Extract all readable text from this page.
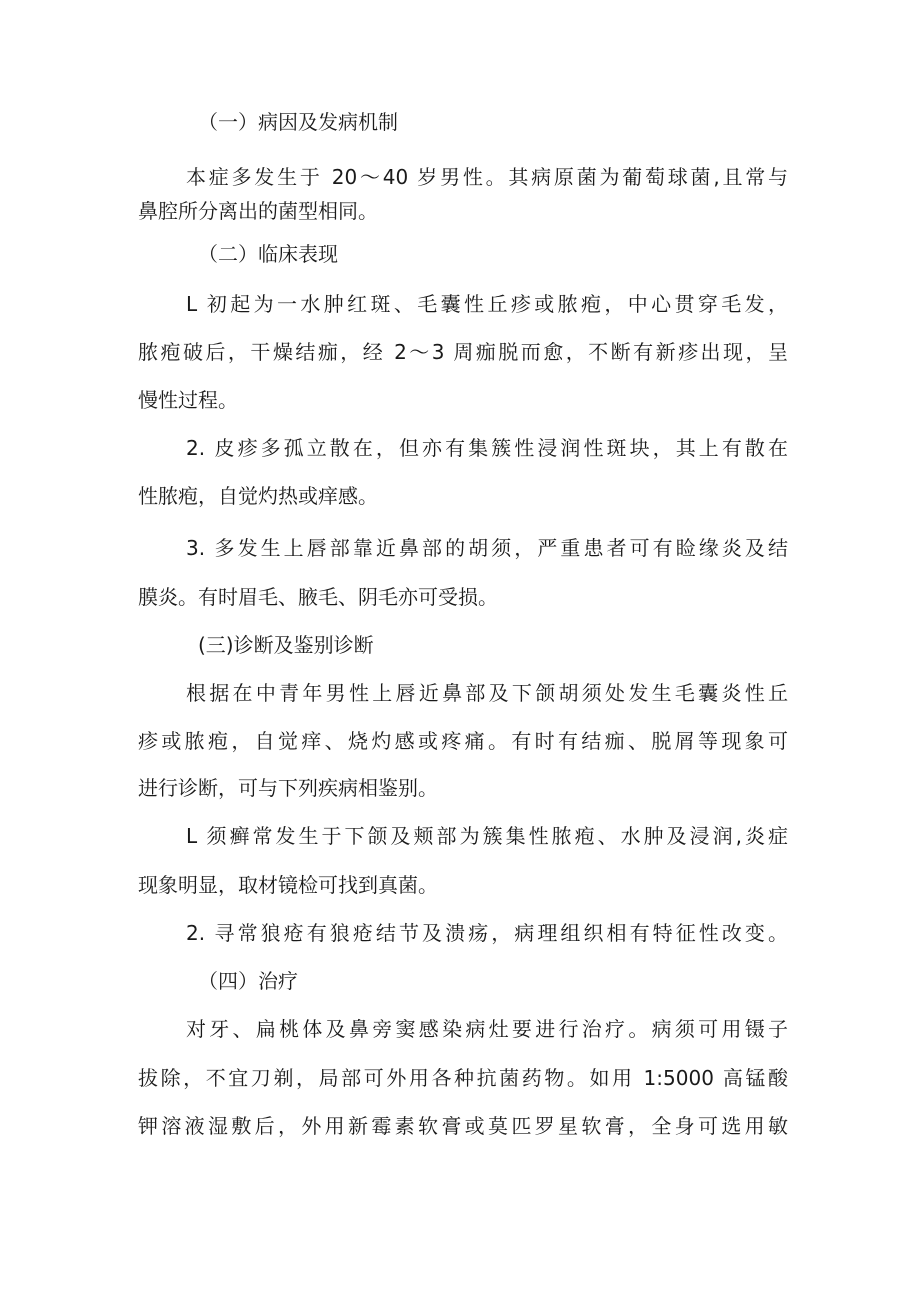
（一）病因及发病机制
本症多发生于 20〜40 岁男性。其病原菌为葡萄球菌,且常与
鼻腔所分离出的菌型相同。
（二）临床表现
L 初起为一水肿红斑、毛囊性丘疹或脓疱，中心贯穿毛发，
脓疱破后，干燥结痂，经 2〜3 周痂脱而愈，不断有新疹出现，呈
慢性过程。
2. 皮疹多孤立散在，但亦有集簇性浸润性斑块，其上有散在
性脓疱，自觉灼热或痒感。
3. 多发生上唇部靠近鼻部的胡须，严重患者可有睑缘炎及结
膜炎。有时眉毛、腋毛、阴毛亦可受损。
(三)诊断及鉴别诊断
根据在中青年男性上唇近鼻部及下颌胡须处发生毛囊炎性丘
疹或脓疱，自觉痒、烧灼感或疼痛。有时有结痂、脱屑等现象可
进行诊断，可与下列疾病相鉴别。
L 须癣常发生于下颌及颊部为簇集性脓疱、水肿及浸润,炎症
现象明显，取材镜检可找到真菌。
2. 寻常狼疮有狼疮结节及溃疡，病理组织相有特征性改变。
（四）治疗
对牙、扁桃体及鼻旁窦感染病灶要进行治疗。病须可用镊子
拔除，不宜刀剃，局部可外用各种抗菌药物。如用 1:5000 高锰酸
钾溶液湿敷后，外用新霉素软膏或莫匹罗星软膏，全身可选用敏
